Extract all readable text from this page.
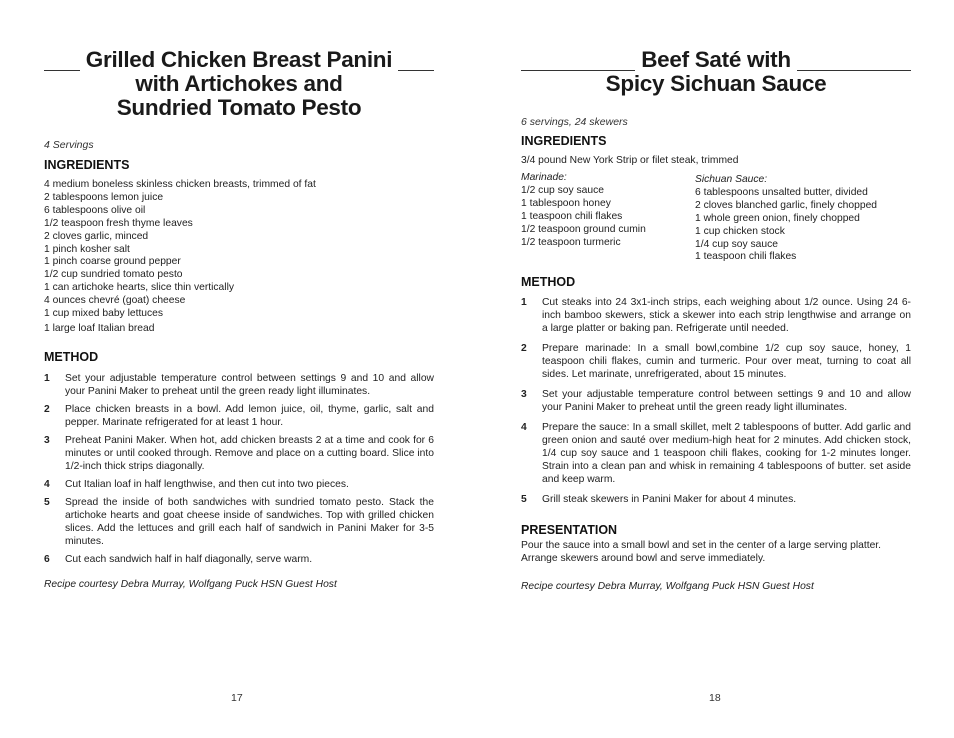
Grilled Chicken Breast Panini
with Artichokes and
Sundried Tomato Pesto
4 Servings
INGREDIENTS
4 medium boneless skinless chicken breasts, trimmed of fat
2 tablespoons lemon juice
6 tablespoons olive oil
1/2 teaspoon fresh thyme leaves
2 cloves garlic, minced
1 pinch kosher salt
1 pinch coarse ground pepper
1/2 cup sundried tomato pesto
1 can artichoke hearts, slice thin vertically
4 ounces chevré (goat) cheese
1 cup mixed baby lettuces
1 large loaf Italian bread
METHOD
1 Set your adjustable temperature control between settings 9 and 10 and allow your Panini Maker to preheat until the green ready light illuminates.
2 Place chicken breasts in a bowl. Add lemon juice, oil, thyme, garlic, salt and pepper. Marinate refrigerated for at least 1 hour.
3 Preheat Panini Maker. When hot, add chicken breasts 2 at a time and cook for 6 minutes or until cooked through. Remove and place on a cutting board. Slice into 1/2-inch thick strips diagonally.
4 Cut Italian loaf in half lengthwise, and then cut into two pieces.
5 Spread the inside of both sandwiches with sundried tomato pesto. Stack the artichoke hearts and goat cheese inside of sandwiches. Top with grilled chicken slices. Add the lettuces and grill each half of sandwich in Panini Maker for 3-5 minutes.
6 Cut each sandwich half in half diagonally, serve warm.
Recipe courtesy Debra Murray, Wolfgang Puck HSN Guest Host
17
Beef Saté with
Spicy Sichuan Sauce
6 servings, 24 skewers
INGREDIENTS
3/4 pound New York Strip or filet steak, trimmed
Marinade:
1/2 cup soy sauce
1 tablespoon honey
1 teaspoon chili flakes
1/2 teaspoon ground cumin
1/2 teaspoon turmeric
Sichuan Sauce:
6 tablespoons unsalted butter, divided
2 cloves blanched garlic, finely chopped
1 whole green onion, finely chopped
1 cup chicken stock
1/4 cup soy sauce
1 teaspoon chili flakes
METHOD
1 Cut steaks into 24 3x1-inch strips, each weighing about 1/2 ounce. Using 24 6- inch bamboo skewers, stick a skewer into each strip lengthwise and arrange on a large platter or baking pan. Refrigerate until needed.
2 Prepare marinade: In a small bowl,combine 1/2 cup soy sauce, honey, 1 teaspoon chili flakes, cumin and turmeric. Pour over meat, turning to coat all sides. Let marinate, unrefrigerated, about 15 minutes.
3 Set your adjustable temperature control between settings 9 and 10 and allow your Panini Maker to preheat until the green ready light illuminates.
4 Prepare the sauce: In a small skillet, melt 2 tablespoons of butter. Add garlic and green onion and sauté over medium-high heat for 2 minutes. Add chicken stock, 1/4 cup soy sauce and 1 teaspoon chili flakes, cooking for 1-2 minutes longer. Strain into a clean pan and whisk in remaining 4 tablespoons of butter. set aside and keep warm.
5 Grill steak skewers in Panini Maker for about 4 minutes.
PRESENTATION
Pour the sauce into a small bowl and set in the center of a large serving platter. Arrange skewers around bowl and serve immediately.
Recipe courtesy Debra Murray, Wolfgang Puck HSN Guest Host
18
